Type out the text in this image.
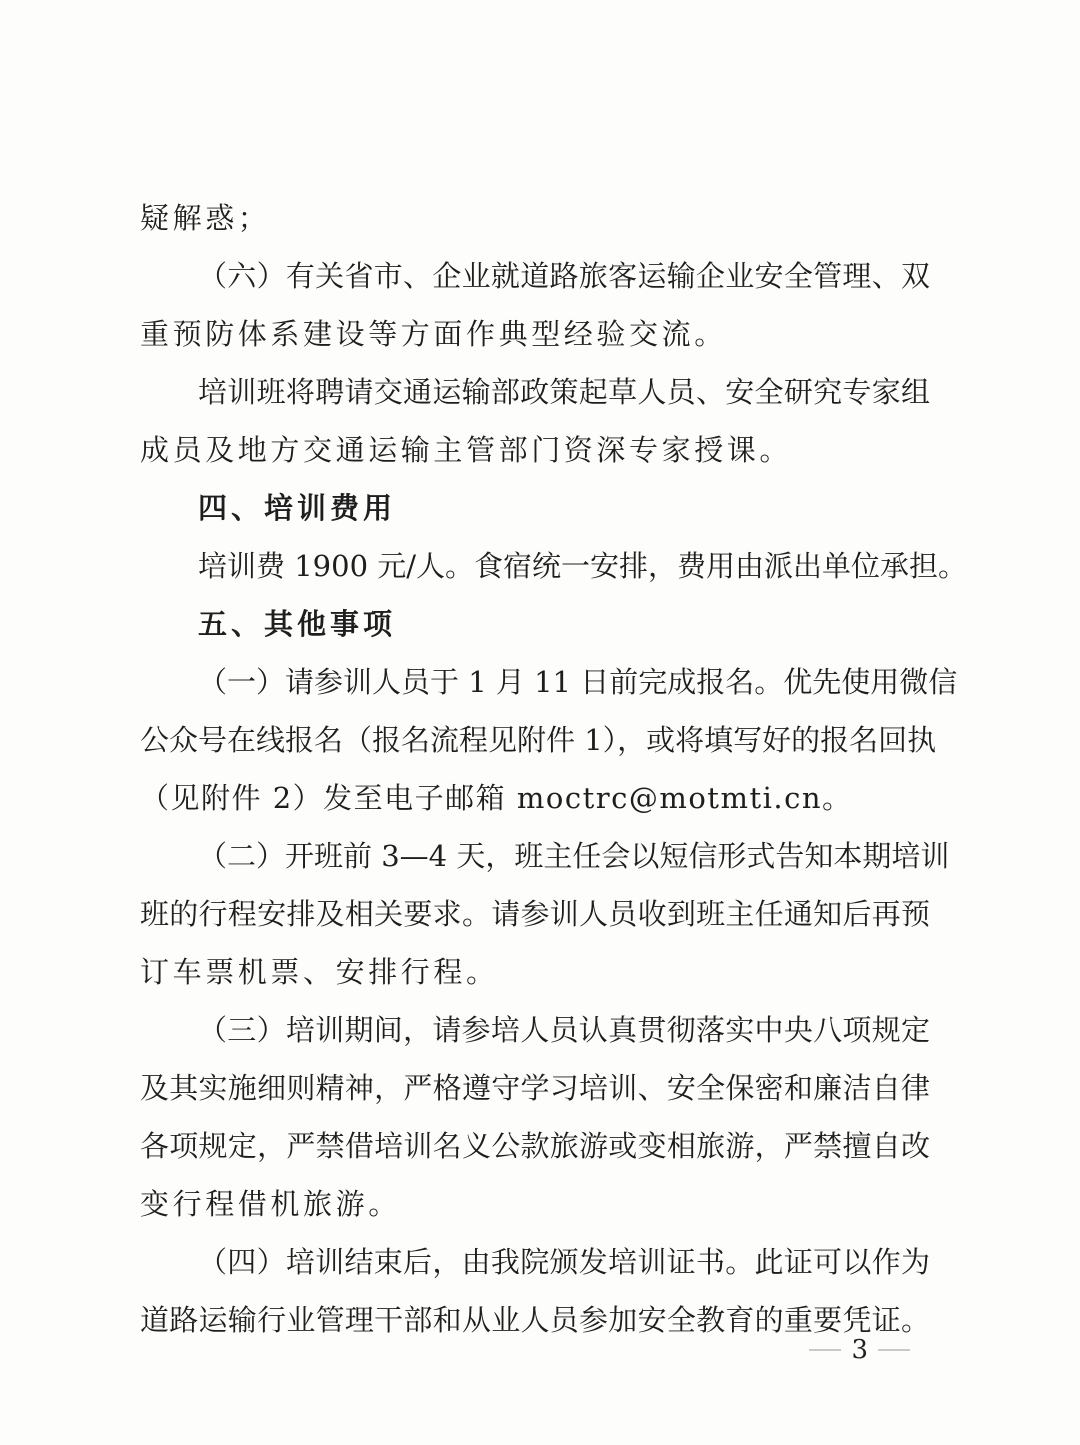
疑解惑；
（六）有关省市、企业就道路旅客运输企业安全管理、双
重预防体系建设等方面作典型经验交流。
培训班将聘请交通运输部政策起草人员、安全研究专家组
成员及地方交通运输主管部门资深专家授课。
四、培训费用
培训费 1900 元/人。食宿统一安排，费用由派出单位承担。
五、其他事项
（一）请参训人员于 1 月 11 日前完成报名。优先使用微信
公众号在线报名（报名流程见附件 1），或将填写好的报名回执
（见附件 2）发至电子邮箱 moctrc@motmti.cn。
（二）开班前 3—4 天，班主任会以短信形式告知本期培训
班的行程安排及相关要求。请参训人员收到班主任通知后再预
订车票机票、安排行程。
（三）培训期间，请参培人员认真贯彻落实中央八项规定
及其实施细则精神，严格遵守学习培训、安全保密和廉洁自律
各项规定，严禁借培训名义公款旅游或变相旅游，严禁擅自改
变行程借机旅游。
（四）培训结束后，由我院颁发培训证书。此证可以作为
道路运输行业管理干部和从业人员参加安全教育的重要凭证。
3
